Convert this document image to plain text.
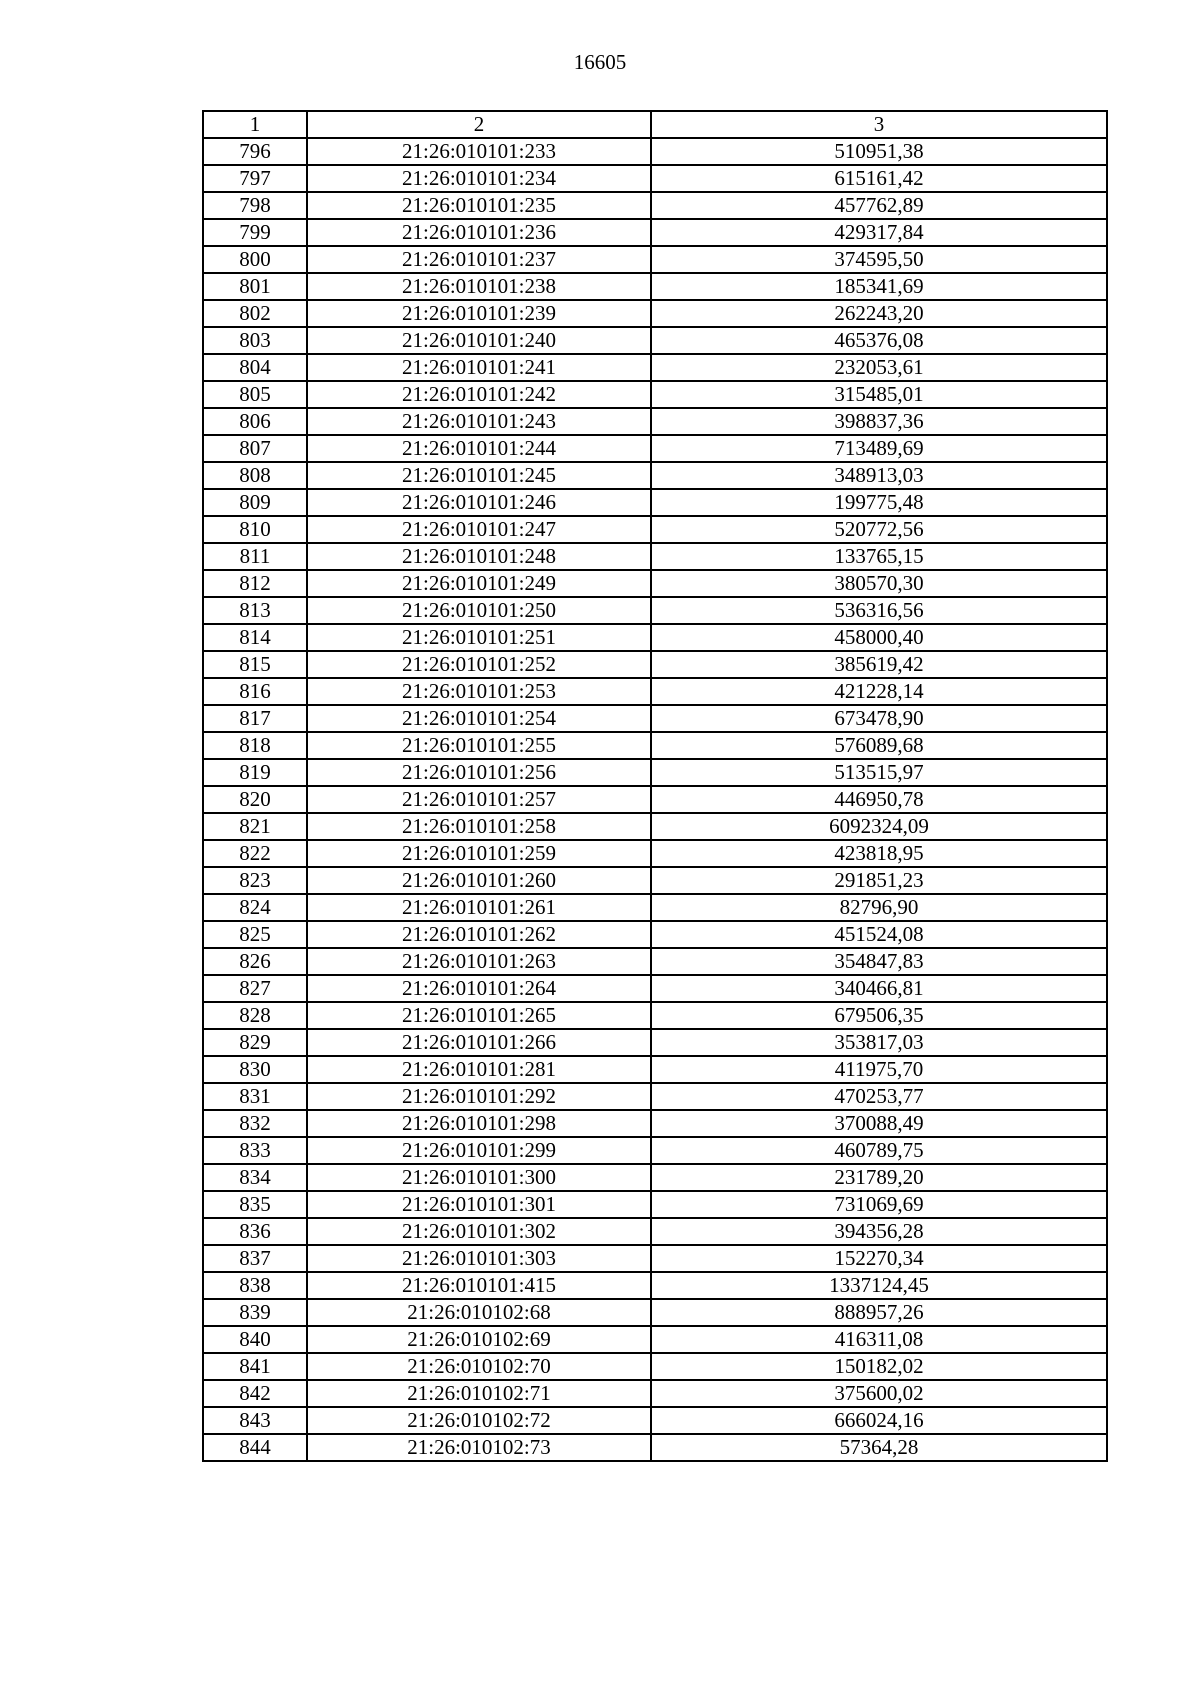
16605
1	2	3
796	21:26:010101:233	510951,38
797	21:26:010101:234	615161,42
798	21:26:010101:235	457762,89
799	21:26:010101:236	429317,84
800	21:26:010101:237	374595,50
801	21:26:010101:238	185341,69
802	21:26:010101:239	262243,20
803	21:26:010101:240	465376,08
804	21:26:010101:241	232053,61
805	21:26:010101:242	315485,01
806	21:26:010101:243	398837,36
807	21:26:010101:244	713489,69
808	21:26:010101:245	348913,03
809	21:26:010101:246	199775,48
810	21:26:010101:247	520772,56
811	21:26:010101:248	133765,15
812	21:26:010101:249	380570,30
813	21:26:010101:250	536316,56
814	21:26:010101:251	458000,40
815	21:26:010101:252	385619,42
816	21:26:010101:253	421228,14
817	21:26:010101:254	673478,90
818	21:26:010101:255	576089,68
819	21:26:010101:256	513515,97
820	21:26:010101:257	446950,78
821	21:26:010101:258	6092324,09
822	21:26:010101:259	423818,95
823	21:26:010101:260	291851,23
824	21:26:010101:261	82796,90
825	21:26:010101:262	451524,08
826	21:26:010101:263	354847,83
827	21:26:010101:264	340466,81
828	21:26:010101:265	679506,35
829	21:26:010101:266	353817,03
830	21:26:010101:281	411975,70
831	21:26:010101:292	470253,77
832	21:26:010101:298	370088,49
833	21:26:010101:299	460789,75
834	21:26:010101:300	231789,20
835	21:26:010101:301	731069,69
836	21:26:010101:302	394356,28
837	21:26:010101:303	152270,34
838	21:26:010101:415	1337124,45
839	21:26:010102:68	888957,26
840	21:26:010102:69	416311,08
841	21:26:010102:70	150182,02
842	21:26:010102:71	375600,02
843	21:26:010102:72	666024,16
844	21:26:010102:73	57364,28
